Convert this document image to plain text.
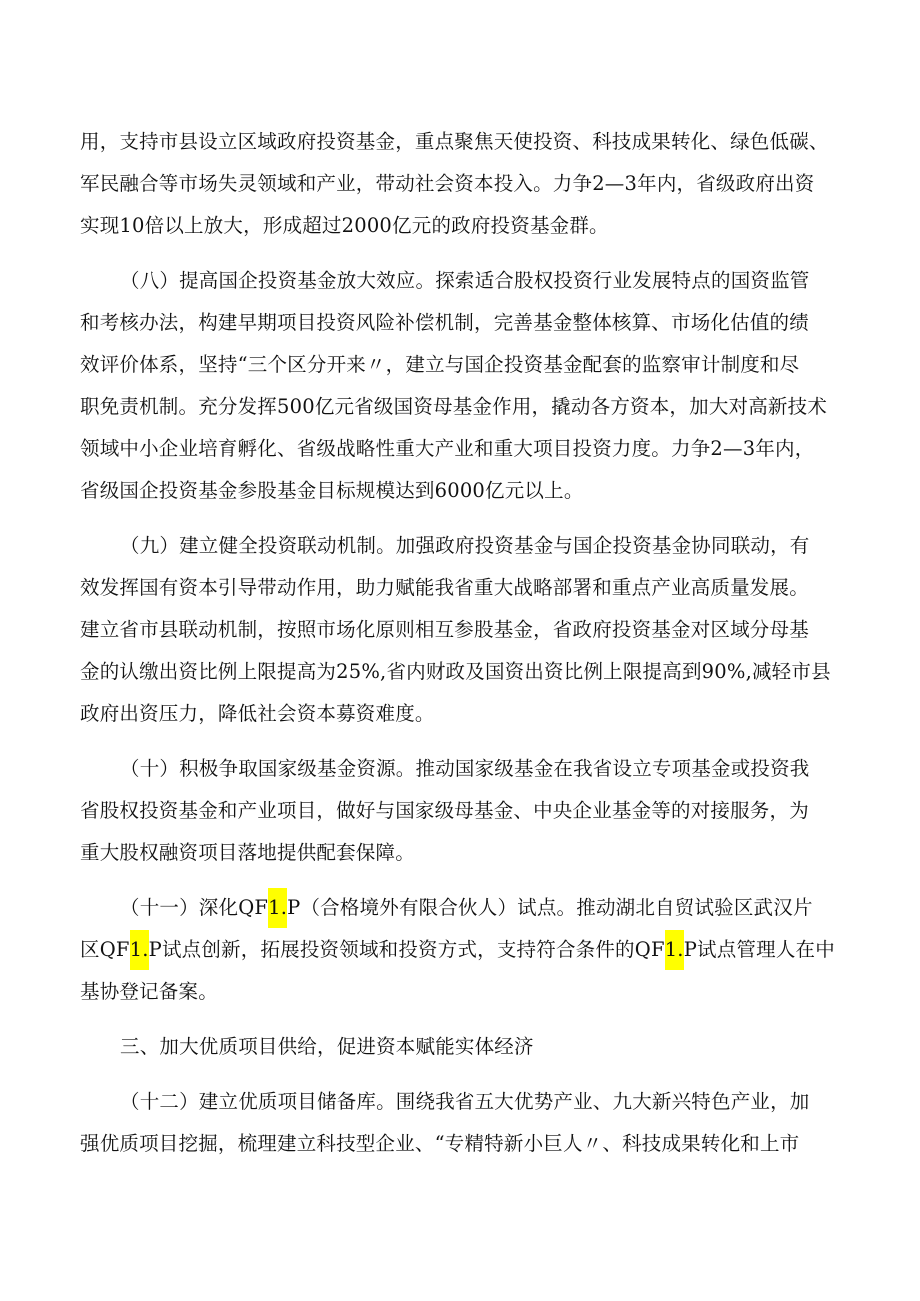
用，支持市县设立区域政府投资基金，重点聚焦天使投资、科技成果转化、绿色低碳、
军民融合等市场失灵领域和产业，带动社会资本投入。力争2—3年内，省级政府出资
实现10倍以上放大，形成超过2000亿元的政府投资基金群。
（八）提高国企投资基金放大效应。探索适合股权投资行业发展特点的国资监管
和考核办法，构建早期项目投资风险补偿机制，完善基金整体核算、市场化估值的绩
效评价体系，坚持“三个区分开来〃，建立与国企投资基金配套的监察审计制度和尽
职免责机制。充分发挥500亿元省级国资母基金作用，撬动各方资本，加大对高新技术
领域中小企业培育孵化、省级战略性重大产业和重大项目投资力度。力争2—3年内，
省级国企投资基金参股基金目标规模达到6000亿元以上。
（九）建立健全投资联动机制。加强政府投资基金与国企投资基金协同联动，有
效发挥国有资本引导带动作用，助力赋能我省重大战略部署和重点产业高质量发展。
建立省市县联动机制，按照市场化原则相互参股基金，省政府投资基金对区域分母基
金的认缴出资比例上限提高为25%,省内财政及国资出资比例上限提高到90%,减轻市县
政府出资压力，降低社会资本募资难度。
（十）积极争取国家级基金资源。推动国家级基金在我省设立专项基金或投资我
省股权投资基金和产业项目，做好与国家级母基金、中央企业基金等的对接服务，为
重大股权融资项目落地提供配套保障。
（十一）深化QF1.P（合格境外有限合伙人）试点。推动湖北自贸试验区武汉片
区QF1.P试点创新，拓展投资领域和投资方式，支持符合条件的QF1.P试点管理人在中
基协登记备案。
三、加大优质项目供给，促进资本赋能实体经济
（十二）建立优质项目储备库。围绕我省五大优势产业、九大新兴特色产业，加
强优质项目挖掘，梳理建立科技型企业、“专精特新小巨人〃、科技成果转化和上市
